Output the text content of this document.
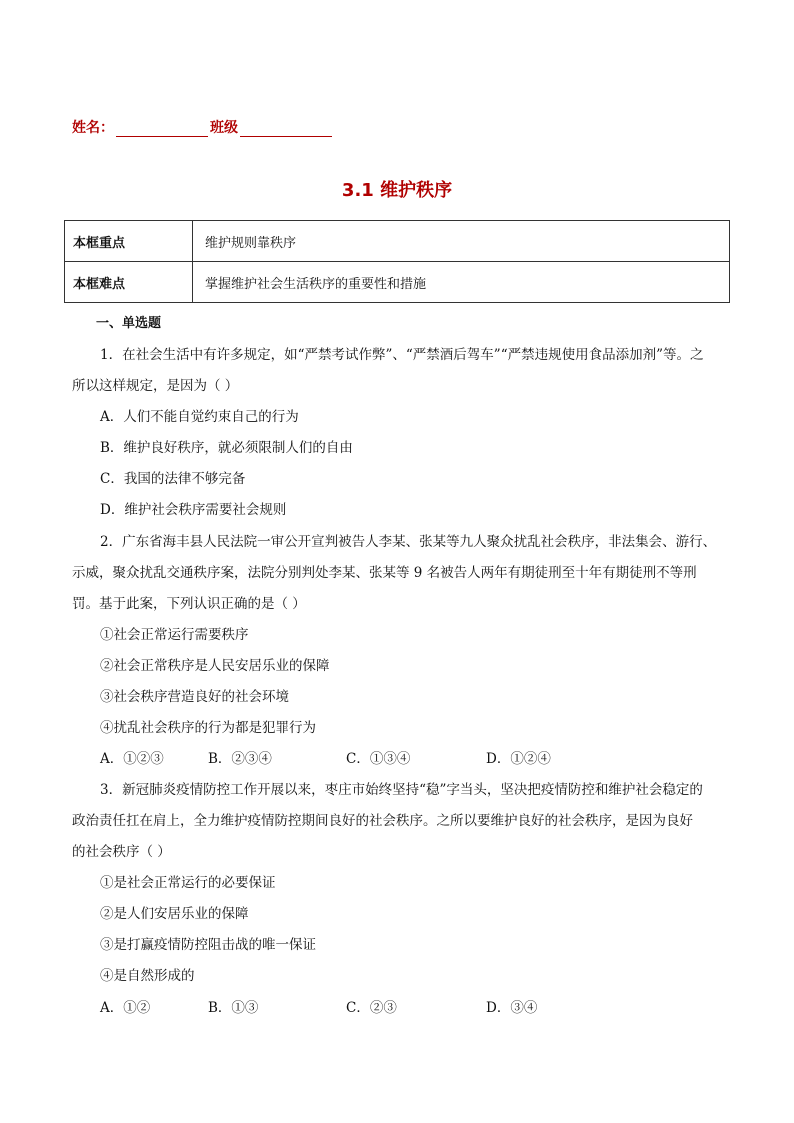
姓名：	班级
3.1 维护秩序
本框重点	维护规则靠秩序
本框难点	掌握维护社会生活秩序的重要性和措施
一、单选题
1．在社会生活中有许多规定，如“严禁考试作弊”、“严禁酒后驾车”“严禁违规使用食品添加剂”等。之
所以这样规定，是因为（ ）
A．人们不能自觉约束自己的行为
B．维护良好秩序，就必须限制人们的自由
C．我国的法律不够完备
D．维护社会秩序需要社会规则
2．广东省海丰县人民法院一审公开宣判被告人李某、张某等九人聚众扰乱社会秩序，非法集会、游行、
示威，聚众扰乱交通秩序案，法院分别判处李某、张某等 9 名被告人两年有期徒刑至十年有期徒刑不等刑
罚。基于此案，下列认识正确的是（ ）
①社会正常运行需要秩序
②社会正常秩序是人民安居乐业的保障
③社会秩序营造良好的社会环境
④扰乱社会秩序的行为都是犯罪行为
A．①②③	B．②③④	C．①③④	D．①②④
3．新冠肺炎疫情防控工作开展以来，枣庄市始终坚持“稳”字当头，坚决把疫情防控和维护社会稳定的
政治责任扛在肩上，全力维护疫情防控期间良好的社会秩序。之所以要维护良好的社会秩序，是因为良好
的社会秩序（ ）
①是社会正常运行的必要保证
②是人们安居乐业的保障
③是打赢疫情防控阻击战的唯一保证
④是自然形成的
A．①②	B．①③	C．②③	D．③④
